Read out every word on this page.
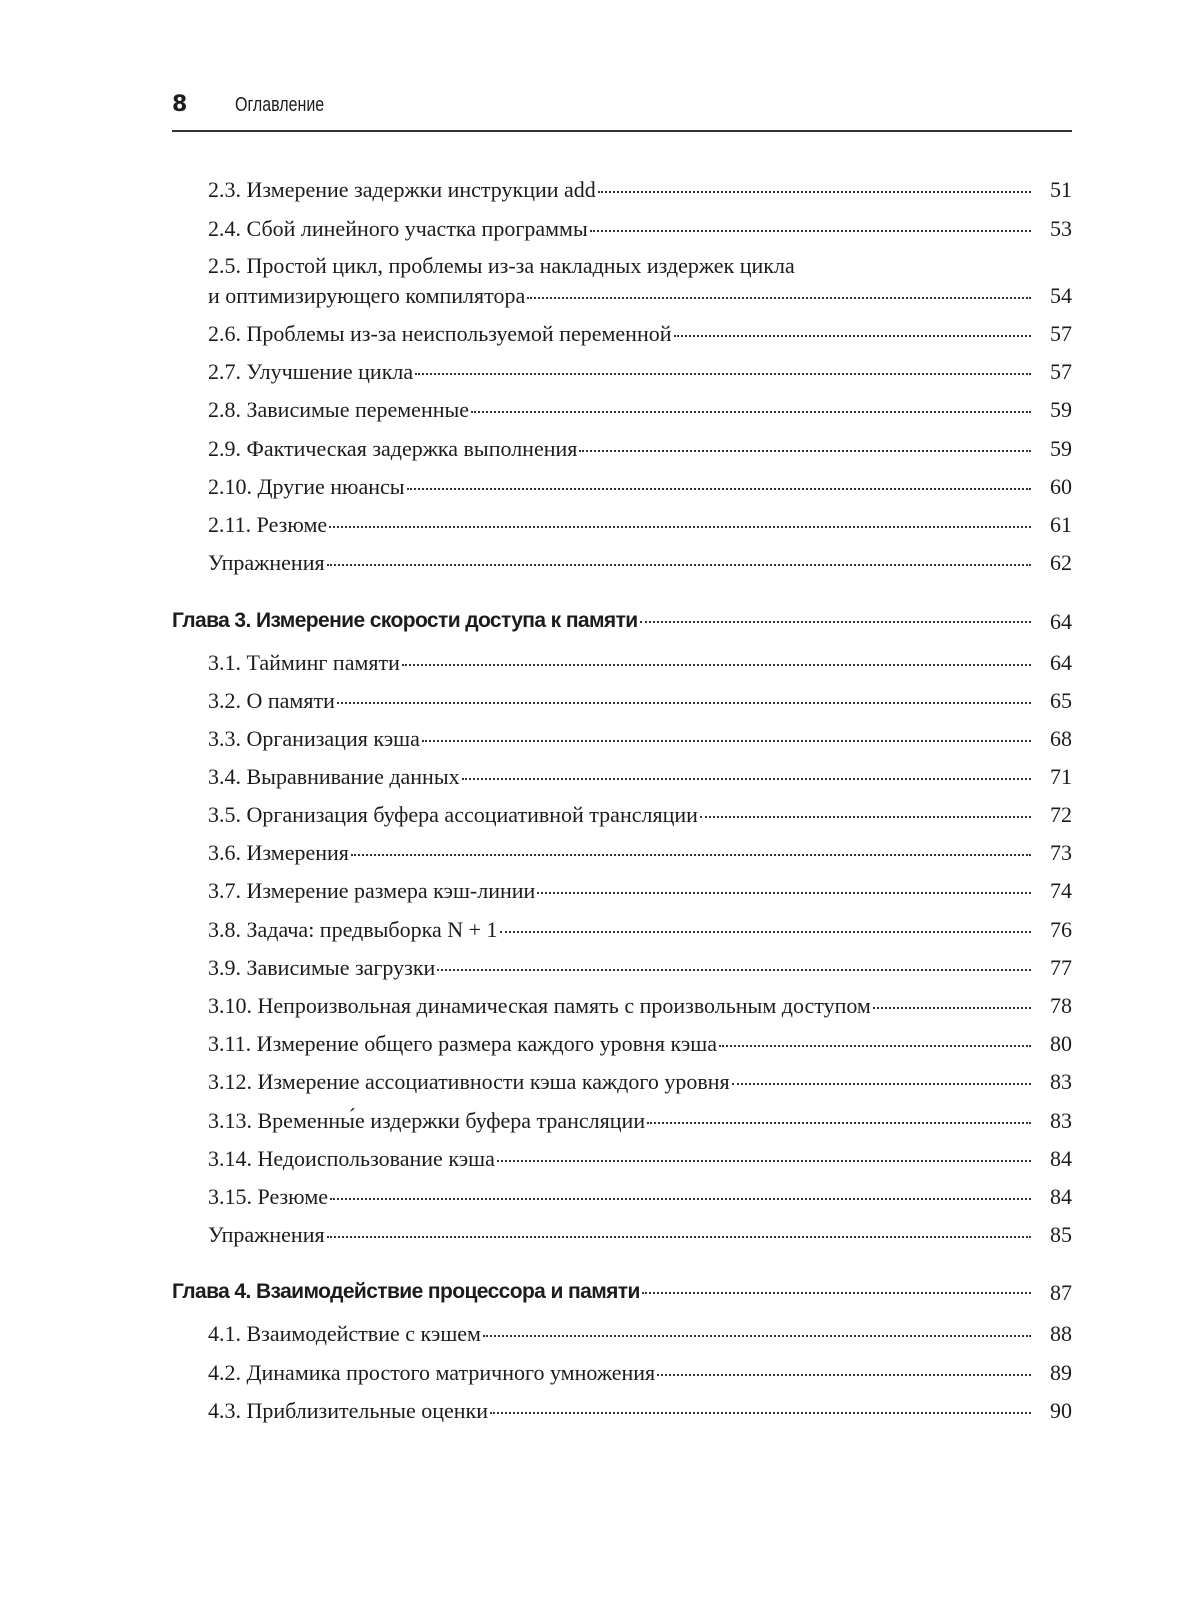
8 Оглавление
2.3. Измерение задержки инструкции add	51
2.4. Сбой линейного участка программы	53
2.5. Простой цикл, проблемы из-за накладных издержек цикла
и оптимизирующего компилятора	54
2.6. Проблемы из-за неиспользуемой переменной	57
2.7. Улучшение цикла	57
2.8. Зависимые переменные	59
2.9. Фактическая задержка выполнения	59
2.10. Другие нюансы	60
2.11. Резюме	61
Упражнения	62
Глава 3. Измерение скорости доступа к памяти	64
3.1. Тайминг памяти	64
3.2. О памяти	65
3.3. Организация кэша	68
3.4. Выравнивание данных	71
3.5. Организация буфера ассоциативной трансляции	72
3.6. Измерения	73
3.7. Измерение размера кэш-линии	74
3.8. Задача: предвыборка N + 1	76
3.9. Зависимые загрузки	77
3.10. Непроизвольная динамическая память с произвольным доступом	78
3.11. Измерение общего размера каждого уровня кэша	80
3.12. Измерение ассоциативности кэша каждого уровня	83
3.13. Временны́е издержки буфера трансляции	83
3.14. Недоиспользование кэша	84
3.15. Резюме	84
Упражнения	85
Глава 4. Взаимодействие процессора и памяти	87
4.1. Взаимодействие с кэшем	88
4.2. Динамика простого матричного умножения	89
4.3. Приблизительные оценки	90
